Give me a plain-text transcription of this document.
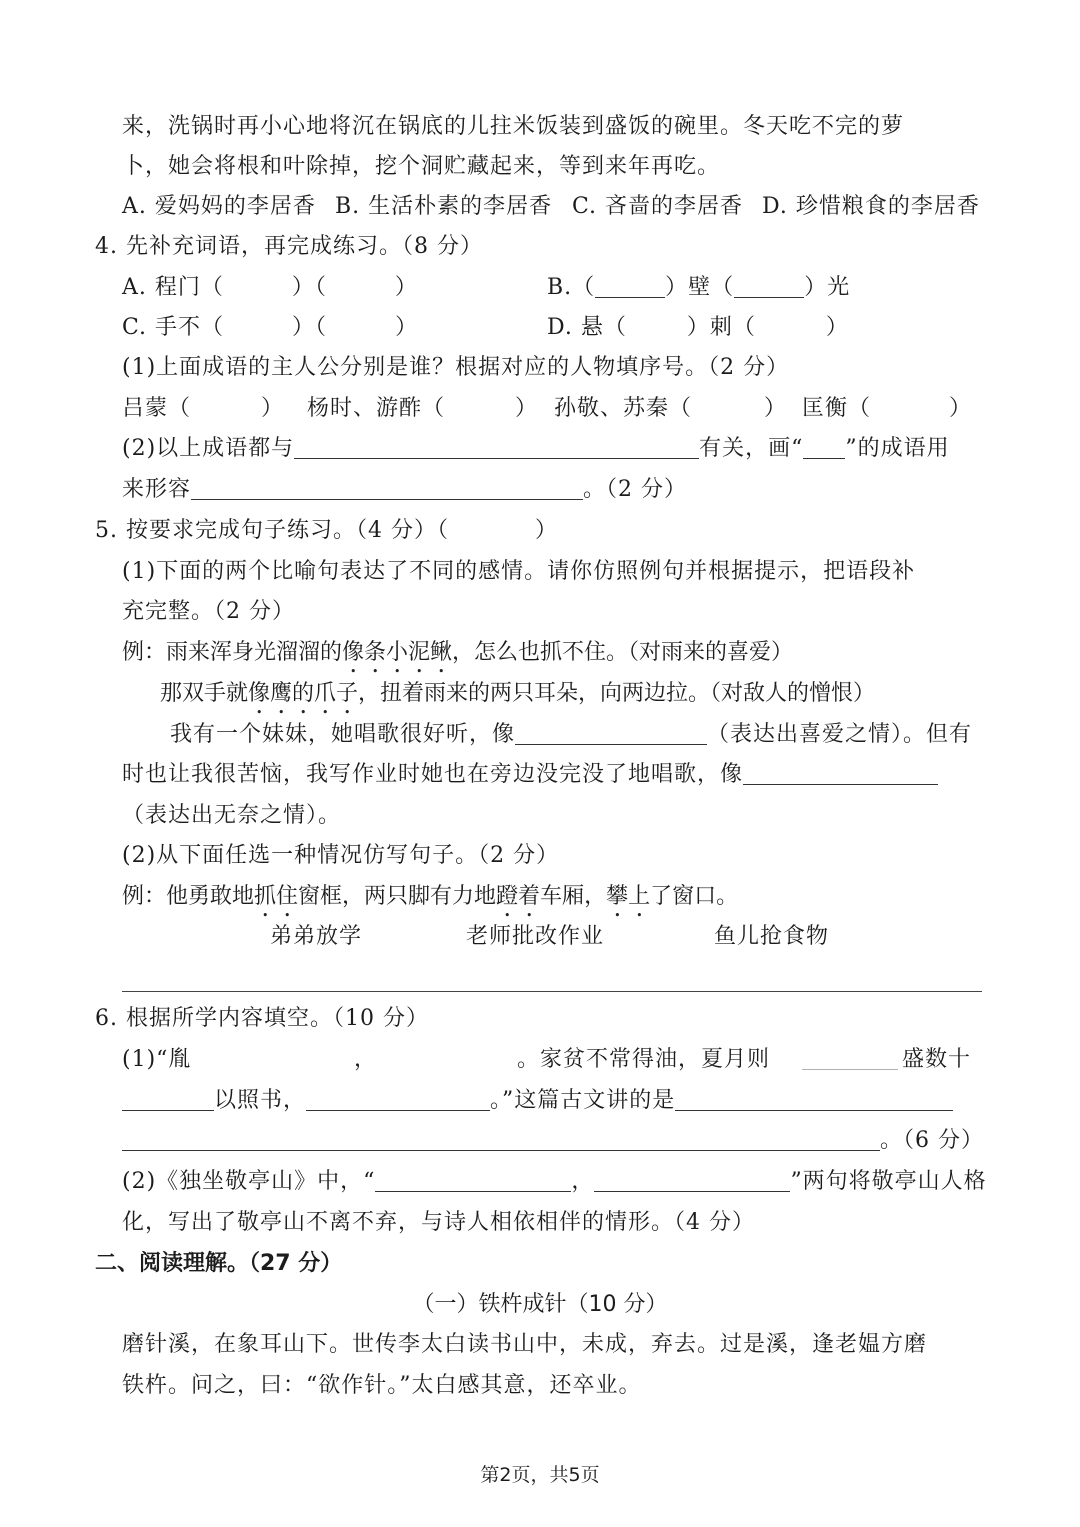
来，洗锅时再小心地将沉在锅底的儿拄米饭装到盛饭的碗里。冬天吃不完的萝
卜，她会将根和叶除掉，挖个洞贮藏起来，等到来年再吃。
A. 爱妈妈的李居香 B. 生活朴素的李居香 C. 吝啬的李居香 D. 珍惜粮食的李居香
4. 先补充词语，再完成练习。（8 分）
A. 程门（	）（	）	B.（	）壁（	）光
C. 手不（	）（	）	D. 悬（	）刺（	）
(1)上面成语的主人公分别是谁？根据对应的人物填序号。（2 分）
吕蒙（	） 杨时、游酢（	） 孙敬、苏秦（	） 匡衡（	）
(2)以上成语都与	有关，画“ ”的成语用
来形容	。（2 分）
5. 按要求完成句子练习。（4 分）（	）
(1)下面的两个比喻句表达了不同的感情。请你仿照例句并根据提示，把语段补
充完整。（2 分）
例：雨来浑身光溜溜的像条小泥鳅，怎么也抓不住。（对雨来的喜爱）
那双手就像鹰的爪子，扭着雨来的两只耳朵，向两边拉。（对敌人的憎恨）
我有一个妹妹，她唱歌很好听，像	（表达出喜爱之情）。但有
时也让我很苦恼，我写作业时她也在旁边没完没了地唱歌，像
（表达出无奈之情）。
(2)从下面任选一种情况仿写句子。（2 分）
例：他勇敢地抓住窗框，两只脚有力地蹬着车厢，攀上了窗口。
弟弟放学	老师批改作业	鱼儿抢食物
6. 根据所学内容填空。（10 分）
(1)“胤	，	。家贫不常得油，夏月则	盛数十
以照书，	。”这篇古文讲的是
。（6 分）
(2)《独坐敬亭山》中，“	，	”两句将敬亭山人格
化，写出了敬亭山不离不弃，与诗人相依相伴的情形。（4 分）
二、阅读理解。（27 分）
（一）铁杵成针（10 分）
磨针溪，在象耳山下。世传李太白读书山中，未成，弃去。过是溪，逢老媪方磨
铁杵。问之，曰：“欲作针。”太白感其意，还卒业。
第2页，共5页
